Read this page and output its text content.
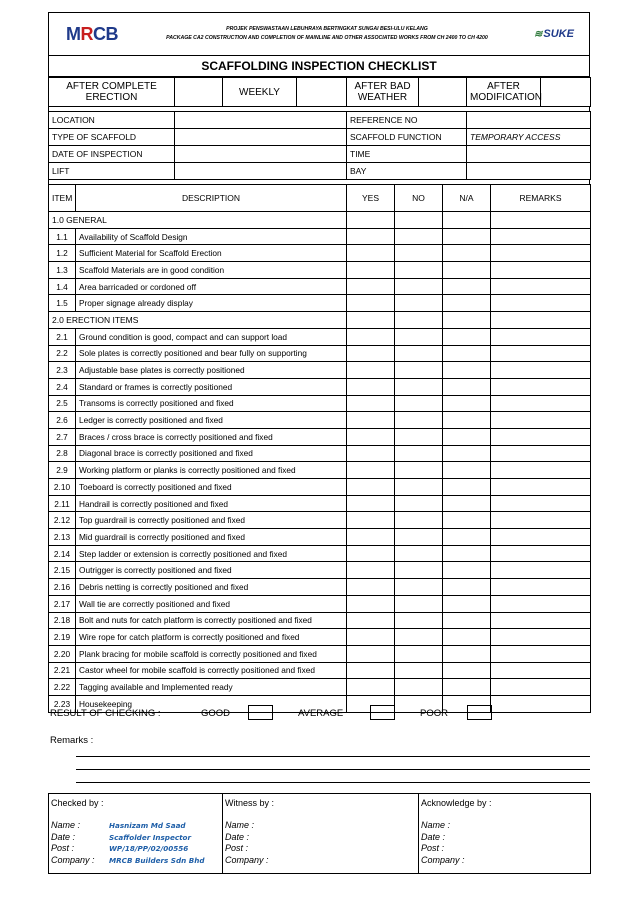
M R CB	PROJEK PENSWASTAAN LEBUHRAYA BERTINGKAT SUNGAI BESI-ULU KELANG
PACKAGE CA2 CONSTRUCTION AND COMPLETION OF MAINLINE AND OTHER ASSOCIATED WORKS FROM CH 2400 TO CH 4200	≋ SUKE
SCAFFOLDING INSPECTION CHECKLIST
AFTER COMPLETE
ERECTION		WEEKLY		AFTER BAD
WEATHER		AFTER
MODIFICATION	
LOCATION		REFERENCE NO	
TYPE OF SCAFFOLD		SCAFFOLD FUNCTION	TEMPORARY ACCESS
DATE OF INSPECTION		TIME	
LIFT		BAY	
ITEM	DESCRIPTION	YES	NO	N/A	REMARKS
1.0 GENERAL					
1.1	Availability of Scaffold Design				
1.2	Sufficient Material for Scaffold Erection				
1.3	Scaffold Materials are in good condition				
1.4	Area barricaded or cordoned off				
1.5	Proper signage already display				
2.0 ERECTION ITEMS					
2.1	Ground condition is good, compact and can support load				
2.2	Sole plates is correctly positioned and bear fully on supporting				
2.3	Adjustable base plates is correctly positioned				
2.4	Standard or frames is correctly positioned				
2.5	Transoms is correctly positioned and fixed				
2.6	Ledger is correctly positioned and fixed				
2.7	Braces / cross brace is correctly positioned and fixed				
2.8	Diagonal brace is correctly positioned and fixed				
2.9	Working platform or planks is correctly positioned and fixed				
2.10	Toeboard is correctly positioned and fixed				
2.11	Handrail is correctly positioned and fixed				
2.12	Top guardrail is correctly positioned and fixed				
2.13	Mid guardrail is correctly positioned and fixed				
2.14	Step ladder or extension is correctly positioned and fixed				
2.15	Outrigger is correctly positioned and fixed				
2.16	Debris netting is correctly positioned and fixed				
2.17	Wall tie are correctly positioned and fixed				
2.18	Bolt and nuts for catch platform is correctly positioned and fixed				
2.19	Wire rope for catch platform is correctly positioned and fixed				
2.20	Plank bracing for mobile scaffold is correctly positioned and fixed				
2.21	Castor wheel for mobile scaffold is correctly positioned and fixed				
2.22	Tagging available and Implemented ready				
2.23	Housekeeping				
RESULT OF CHECKING :	GOOD	AVERAGE	POOR
Remarks :
Checked by :
Name :	Hasnizam Md Saad
Date :	Scaffolder Inspector
Post :	WP/18/PP/02/00556
Company :	MRCB Builders Sdn Bhd

Witness by :
Name :
Date :
Post :
Company :

Acknowledge by :
Name :
Date :
Post :
Company :
